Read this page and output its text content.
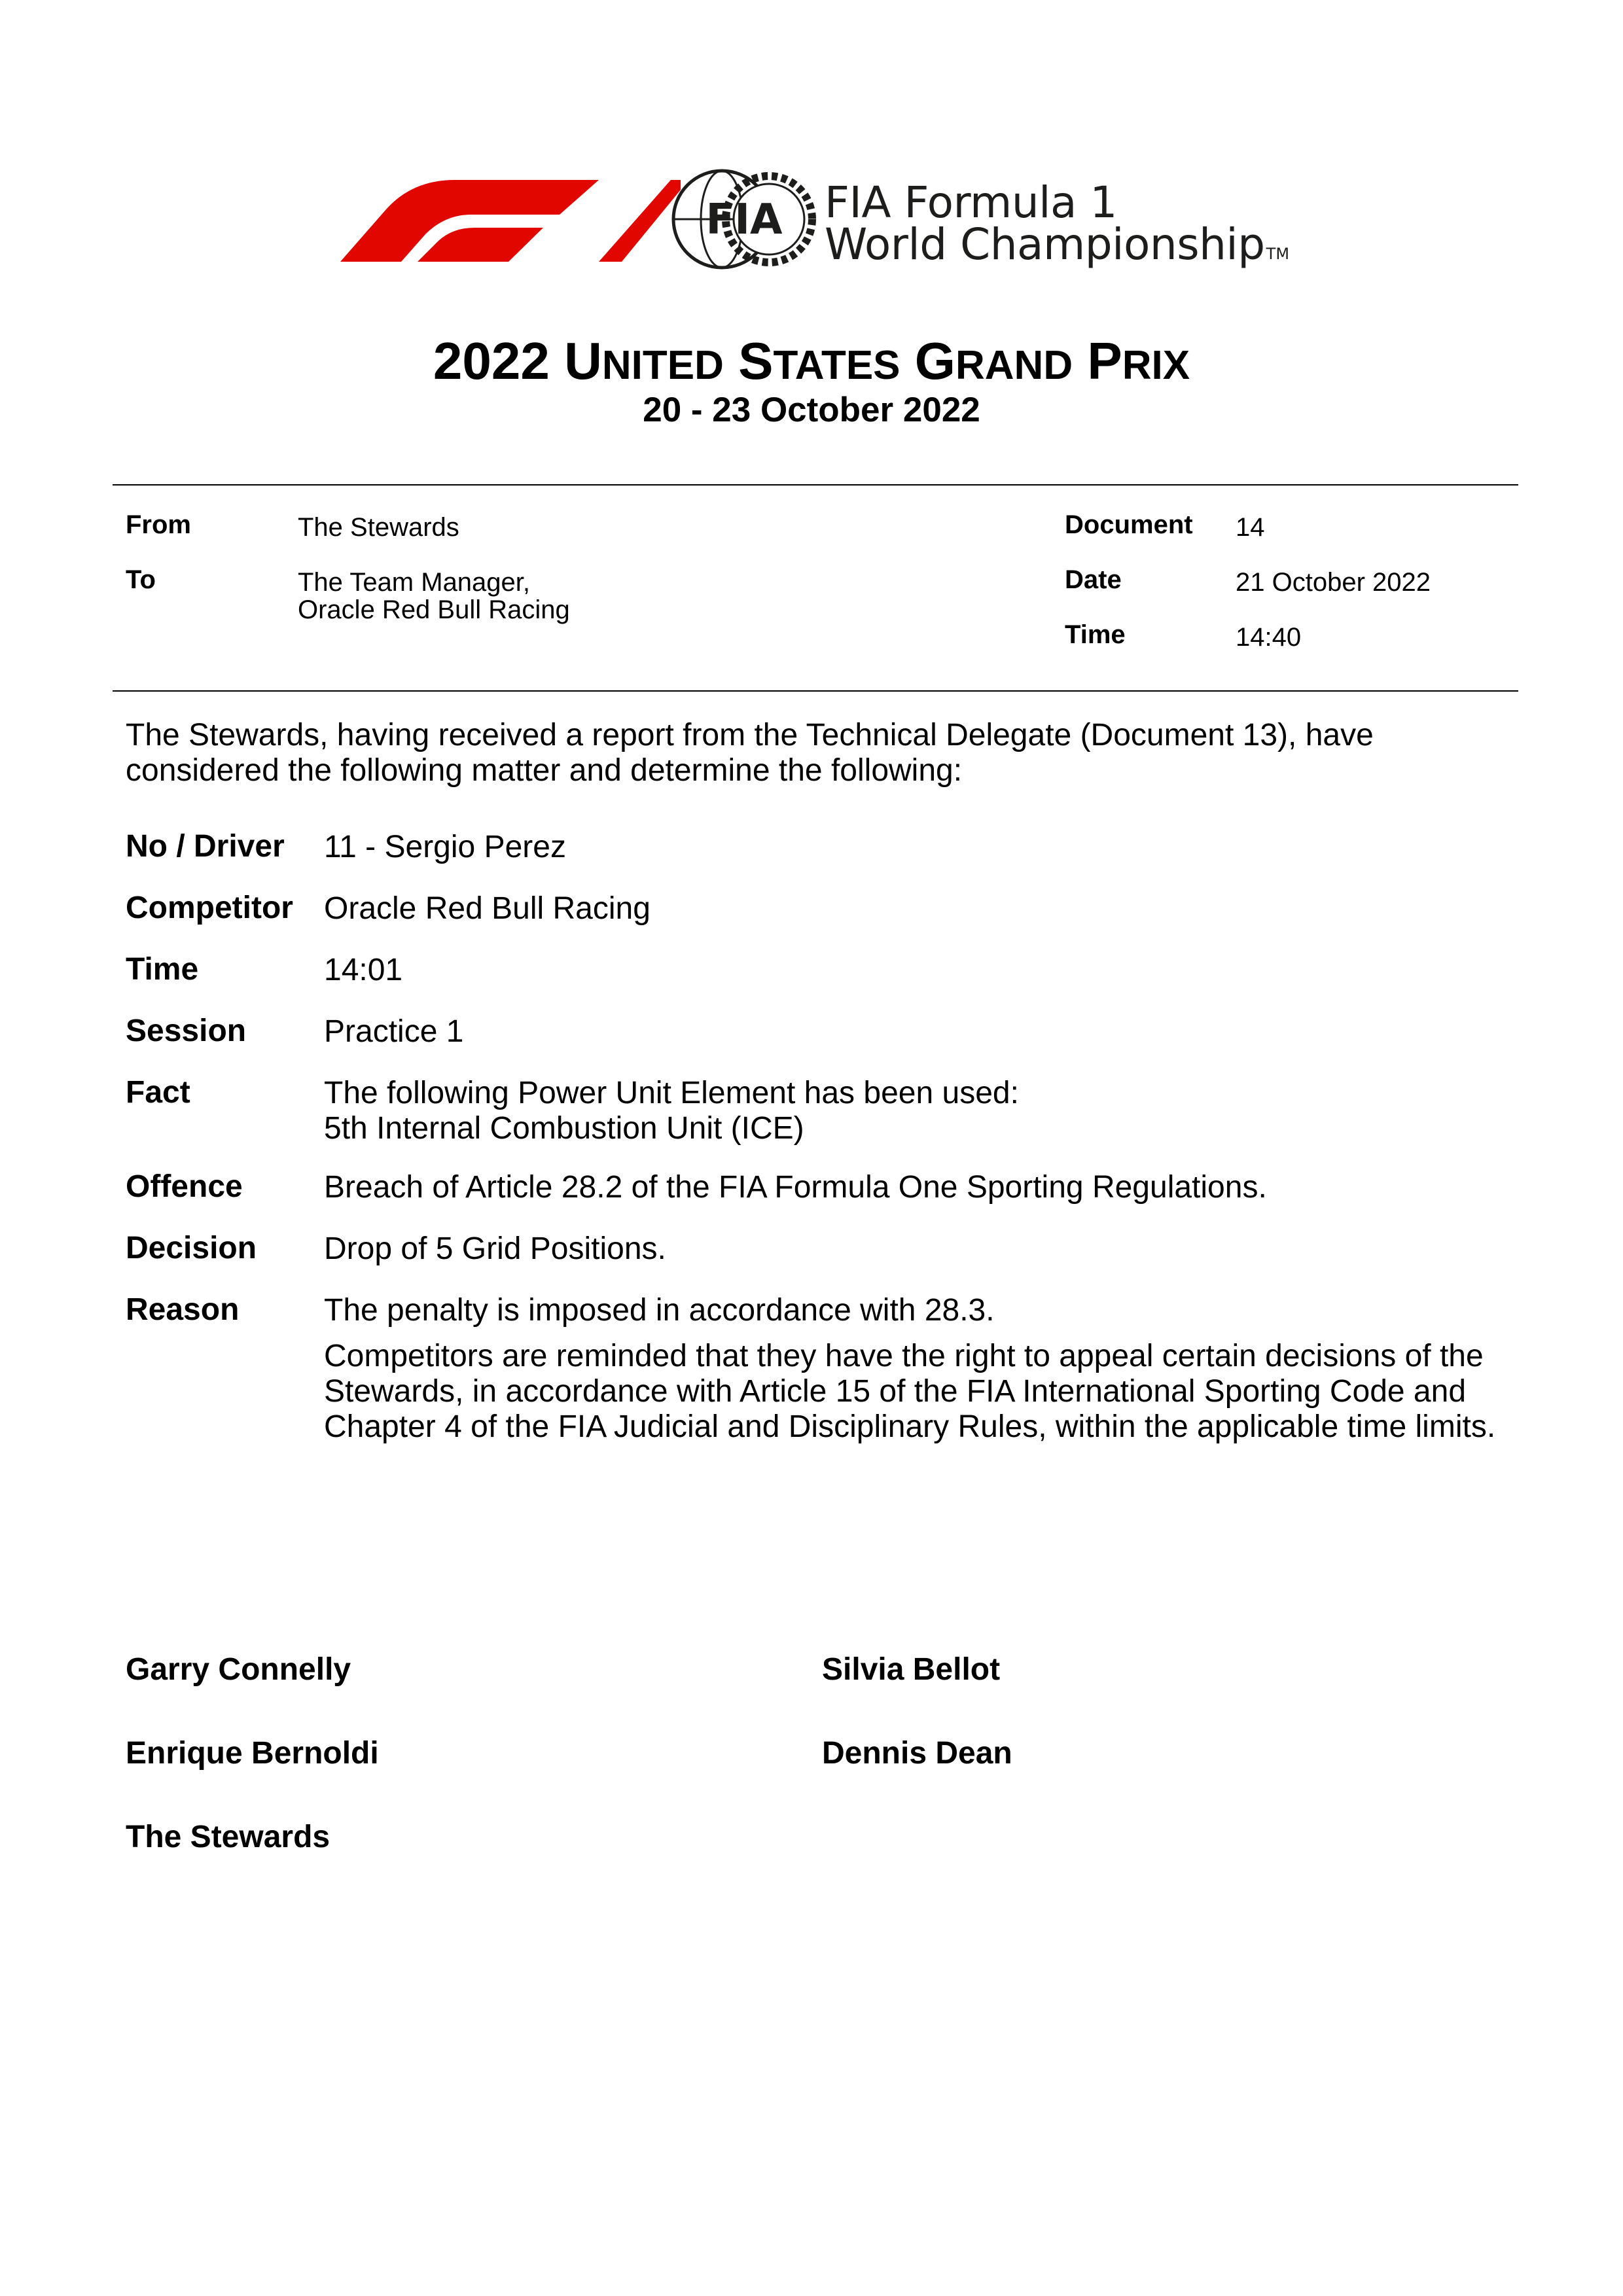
FIA FIA Formula 1
World ChampionshipTM
2022 UNITED STATES GRAND PRIX
20 - 23 October 2022
From	The Stewards
To	The Team Manager,
Oracle Red Bull Racing
Document 14
Date	21 October 2022
Time	14:40
The Stewards, having received a report from the Technical Delegate (Document 13), have
considered the following matter and determine the following:
No / Driver 11 - Sergio Perez
Competitor Oracle Red Bull Racing
Time	14:01
Session Practice 1
Fact	The following Power Unit Element has been used:
5th Internal Combustion Unit (ICE)
Offence	Breach of Article 28.2 of the FIA Formula One Sporting Regulations.
Decision Drop of 5 Grid Positions.
Reason	The penalty is imposed in accordance with 28.3.
Competitors are reminded that they have the right to appeal certain decisions of the
Stewards, in accordance with Article 15 of the FIA International Sporting Code and
Chapter 4 of the FIA Judicial and Disciplinary Rules, within the applicable time limits.
Garry Connelly	Silvia Bellot
Enrique Bernoldi	Dennis Dean
The Stewards
